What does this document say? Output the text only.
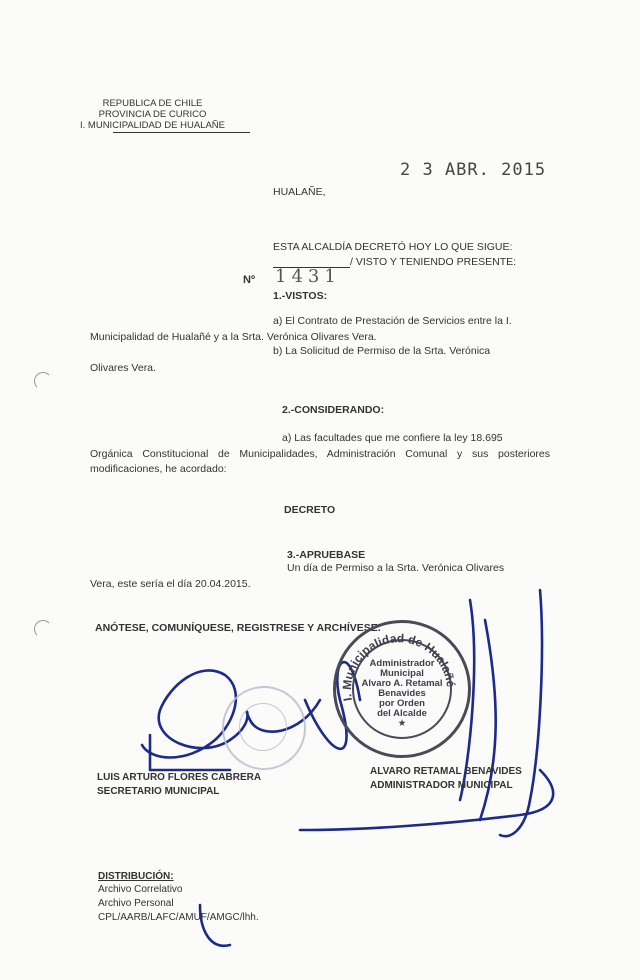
REPUBLICA DE CHILE
PROVINCIA DE CURICO
I. MUNICIPALIDAD DE HUALAÑE
2 3 ABR. 2015
HUALAÑE,
ESTA ALCALDÍA DECRETÓ HOY LO QUE SIGUE:
/ VISTO Y TENIENDO PRESENTE:
Nº 1431
1.-VISTOS:
a) El Contrato de Prestación de Servicios entre la I.
Municipalidad de Hualañé y a la Srta. Verónica Olivares Vera.
b) La Solicitud de Permiso de la Srta. Verónica
Olivares Vera.
2.-CONSIDERANDO:
a) Las facultades que me confiere la ley 18.695
Orgánica Constitucional de Municipalidades, Administración Comunal y sus posteriores modificaciones, he acordado:
DECRETO
3.-APRUEBASE
Un día de Permiso a la Srta. Verónica Olivares
Vera, este sería el día 20.04.2015.
ANÓTESE, COMUNÍQUESE, REGISTRESE Y ARCHÍVESE.
I. Municipalidad de Hualañé
Administrador
Municipal
Alvaro A. Retamal
Benavides
por Orden
del Alcalde
★
LUIS ARTURO FLORES CABRERA
SECRETARIO MUNICIPAL
ALVARO RETAMAL BENAVIDES
ADMINISTRADOR MUNICIPAL
DISTRIBUCIÓN:
Archivo Correlativo
Archivo Personal
CPL/AARB/LAFC/AMUF/AMGC/lhh.
